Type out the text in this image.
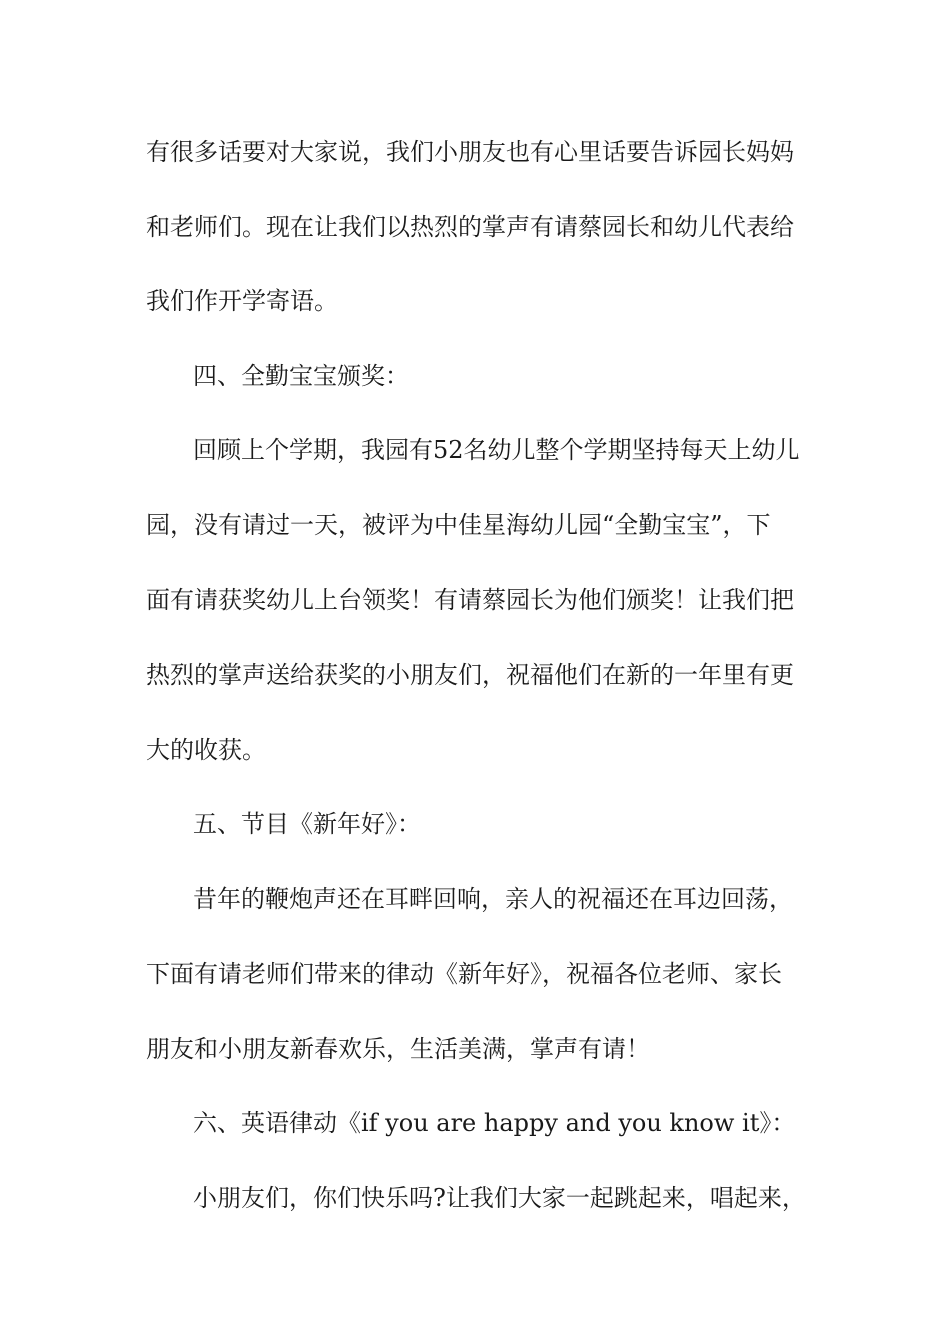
有很多话要对大家说，我们小朋友也有心里话要告诉园长妈妈

和老师们。现在让我们以热烈的掌声有请蔡园长和幼儿代表给

我们作开学寄语。

四、全勤宝宝颁奖：

回顾上个学期，我园有52名幼儿整个学期坚持每天上幼儿

园，没有请过一天，被评为中佳星海幼儿园“全勤宝宝”，下

面有请获奖幼儿上台领奖！有请蔡园长为他们颁奖！让我们把

热烈的掌声送给获奖的小朋友们，祝福他们在新的一年里有更

大的收获。

五、节目《新年好》：

昔年的鞭炮声还在耳畔回响，亲人的祝福还在耳边回荡，

下面有请老师们带来的律动《新年好》，祝福各位老师、家长

朋友和小朋友新春欢乐，生活美满，掌声有请！

六、英语律动《if you are happy and you know it》：

小朋友们，你们快乐吗?让我们大家一起跳起来，唱起来，
